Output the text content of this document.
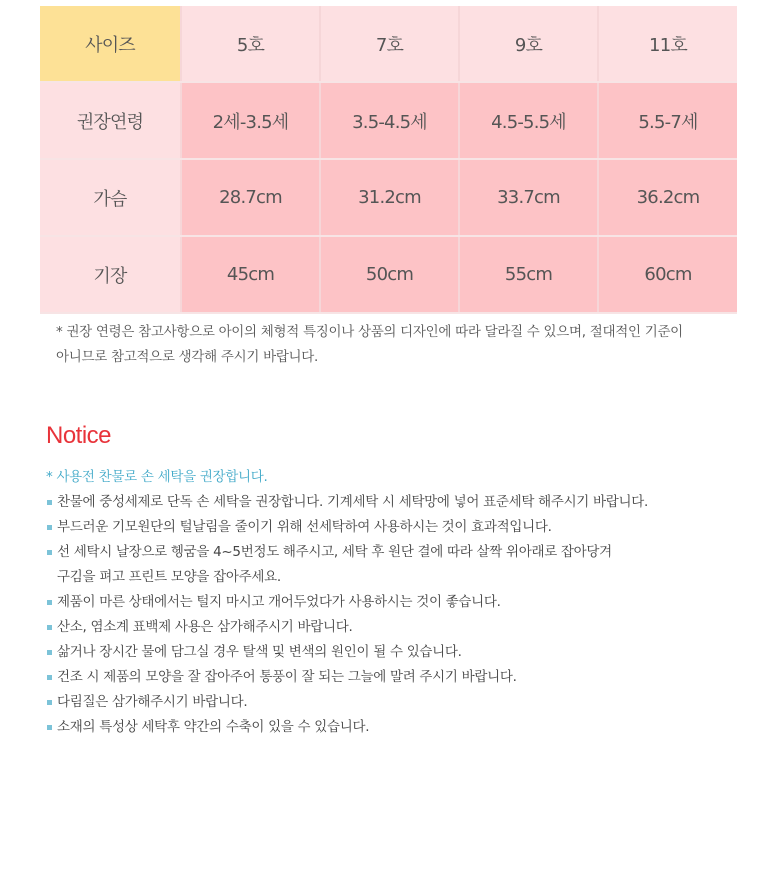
사이즈	5호	7호	9호	11호
권장연령	2세-3.5세	3.5-4.5세	4.5-5.5세	5.5-7세
가슴	28.7cm	31.2cm	33.7cm	36.2cm
기장	45cm	50cm	55cm	60cm
* 권장 연령은 참고사항으로 아이의 체형적 특징이나 상품의 디자인에 따라 달라질 수 있으며, 절대적인 기준이
아니므로 참고적으로 생각해 주시기 바랍니다.
Notice
* 사용전 찬물로 손 세탁을 권장합니다.
찬물에 중성세제로 단독 손 세탁을 권장합니다. 기계세탁 시 세탁망에 넣어 표준세탁 해주시기 바랍니다.
부드러운 기모원단의 털날림을 줄이기 위해 선세탁하여 사용하시는 것이 효과적입니다.
선 세탁시 날장으로 헹굼을 4~5번정도 해주시고, 세탁 후 원단 결에 따라 살짝 위아래로 잡아당겨
구김을 펴고 프린트 모양을 잡아주세요.
제품이 마른 상태에서는 털지 마시고 개어두었다가 사용하시는 것이 좋습니다.
산소, 염소계 표백제 사용은 삼가해주시기 바랍니다.
삶거나 장시간 물에 담그실 경우 탈색 및 변색의 원인이 될 수 있습니다.
건조 시 제품의 모양을 잘 잡아주어 통풍이 잘 되는 그늘에 말려 주시기 바랍니다.
다림질은 삼가해주시기 바랍니다.
소재의 특성상 세탁후 약간의 수축이 있을 수 있습니다.
